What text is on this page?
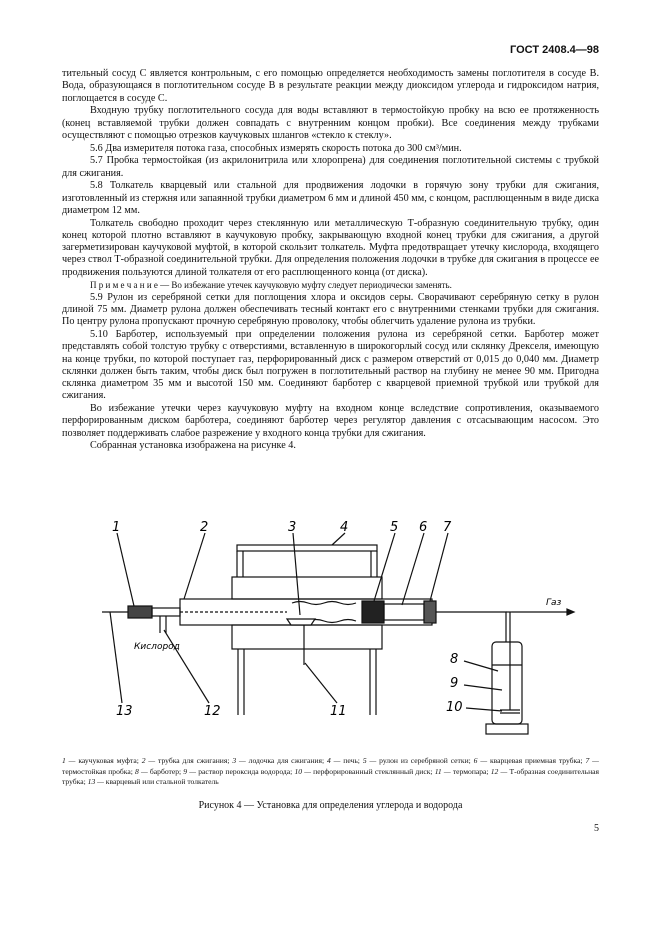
ГОСТ 2408.4—98

тительный сосуд C является контрольным, с его помощью определяется необходимость замены поглотителя в сосуде B. Вода, образующаяся в поглотительном сосуде B в результате реакции между диоксидом углерода и гидроксидом натрия, поглощается в сосуде C.

Входную трубку поглотительного сосуда для воды вставляют в термостойкую пробку на всю ее протяженность (конец вставляемой трубки должен совпадать с внутренним концом пробки). Все соединения между трубками осуществляют с помощью отрезков каучуковых шлангов «стекло к стеклу».

5.6 Два измерителя потока газа, способных измерять скорость потока до 300 см³/мин.

5.7 Пробка термостойкая (из акрилонитрила или хлоропрена) для соединения поглотительной системы с трубкой для сжигания.

5.8 Толкатель кварцевый или стальной для продвижения лодочки в горячую зону трубки для сжигания, изготовленный из стержня или запаянной трубки диаметром 6 мм и длиной 450 мм, с концом, расплющенным в виде диска диаметром 12 мм.

Толкатель свободно проходит через стеклянную или металлическую Т-образную соединительную трубку, один конец которой плотно вставляют в каучуковую пробку, закрывающую входной конец трубки для сжигания, а другой загерметизирован каучуковой муфтой, в которой скользит толкатель. Муфта предотвращает утечку кислорода, входящего через ствол Т-образной соединительной трубки. Для определения положения лодочки в трубке для сжигания в процессе ее продвижения пользуются длиной толкателя от его расплющенного конца (от диска).

П р и м е ч а н и е — Во избежание утечек каучуковую муфту следует периодически заменять.

5.9 Рулон из серебряной сетки для поглощения хлора и оксидов серы. Сворачивают серебряную сетку в рулон длиной 75 мм. Диаметр рулона должен обеспечивать тесный контакт его с внутренними стенками трубки для сжигания. По центру рулона пропускают прочную серебряную проволоку, чтобы облегчить удаление рулона из трубки.

5.10 Барботер, используемый при определении положения рулона из серебряной сетки. Барботер может представлять собой толстую трубку с отверстиями, вставленную в широкогорлый сосуд или склянку Дрекселя, имеющую на конце трубки, по которой поступает газ, перфорированный диск с размером отверстий от 0,015 до 0,040 мм. Диаметр склянки должен быть таким, чтобы диск был погружен в поглотительный раствор на глубину не менее 90 мм. Пригодна склянка диаметром 35 мм и высотой 150 мм. Соединяют барботер с кварцевой приемной трубкой или трубкой для сжигания.

Во избежание утечки через каучуковую муфту на входном конце вследствие сопротивления, оказываемого перфорированным диском барботера, соединяют барботер через регулятор давления с отсасывающим насосом. Это позволяет поддерживать слабое разрежение у входного конца трубки для сжигания.

Собранная установка изображена на рисунке 4.

1	2	3	4	5 6 7
8
9
10
11
12
13
Газ
Кислород
1 — каучуковая муфта; 2 — трубка для сжигания; 3 — лодочка для сжигания; 4 — печь; 5 — рулон из серебряной сетки; 6 — кварцевая приемная трубка; 7 — термостойкая пробка; 8 — барботер; 9 — раствор пероксида водорода; 10 — перфорированный стеклянный диск; 11 — термопара; 12 — Т-образная соединительная трубка; 13 — кварцевый или стальной толкатель
Рисунок 4 — Установка для определения углерода и водорода
5
